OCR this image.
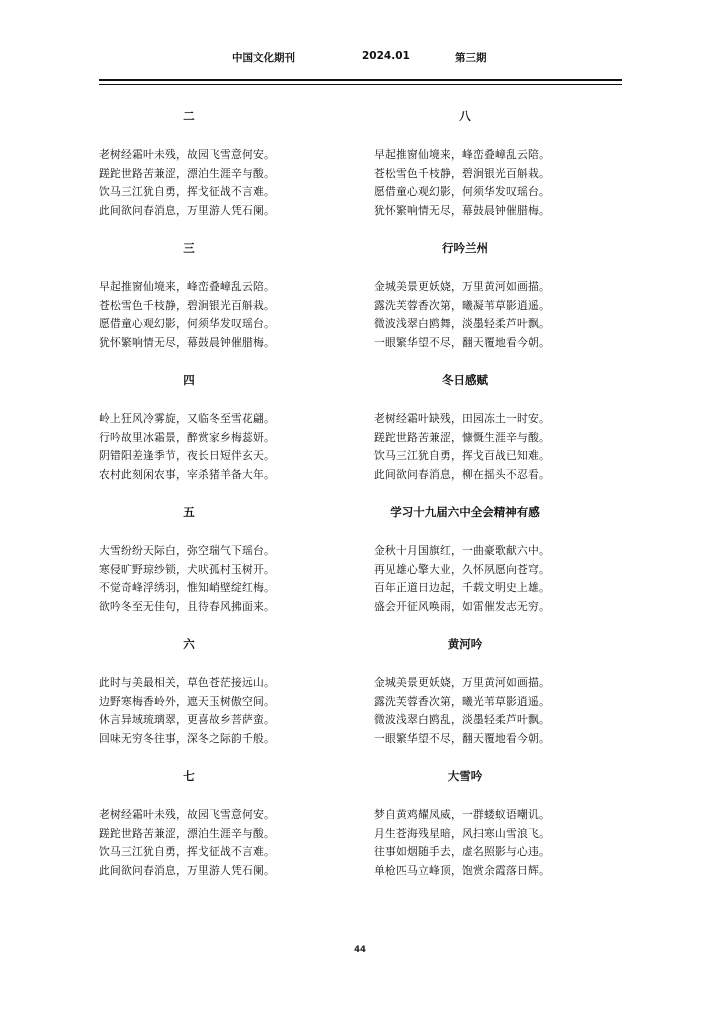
中国文化期刊	2024.01	第三期
二
老树经霜叶未残，故园飞雪意何安。
蹉跎世路苦兼涩，漂泊生涯辛与酸。
饮马三江犹自勇，挥戈征战不言难。
此间欲问春消息，万里游人凭石阑。
三
早起推窗仙境来，峰峦叠嶂乱云陪。
苍松雪色千枝静，碧涧银光百斛栽。
愿借童心观幻影，何须华发叹瑶台。
犹怀繁响情无尽，幕鼓晨钟催腊梅。
四
岭上狂风冷雾旋，又临冬至雪花翩。
行吟故里冰霜景，醉赏家乡梅蕊妍。
阴错阳差逢季节，夜长日短伴玄天。
农村此刻闲农事，宰杀猪羊备大年。
五
大雪纷纷天际白，弥空瑞气下瑶台。
寒侵旷野琼纱锁，犬吠孤村玉树开。
不觉奇峰浮绣羽，惟知峭壁绽红梅。
欲吟冬至无佳句，且待春风拂面来。
六
此时与美最相关，草色苍茫接远山。
边野寒梅香岭外，遮天玉树傲空间。
休言异域琉璃翠，更喜故乡菩萨蛮。
回味无穷冬往事，深冬之际韵千般。
七
老树经霜叶未残，故园飞雪意何安。
蹉跎世路苦兼涩，漂泊生涯辛与酸。
饮马三江犹自勇，挥戈征战不言难。
此间欲问春消息，万里游人凭石阑。
八
早起推窗仙境来，峰峦叠嶂乱云陪。
苍松雪色千枝静，碧涧银光百斛栽。
愿借童心观幻影，何须华发叹瑶台。
犹怀繁响情无尽，幕鼓晨钟催腊梅。
行吟兰州
金城美景更妖娆，万里黄河如画描。
露洗芙蓉香次第，曦凝苇草影逍遥。
微波浅翠白鸥舞，淡墨轻柔芦叶飘。
一眼繁华望不尽，翻天覆地看今朝。
冬日感赋
老树经霜叶缺残，田园冻土一时安。
蹉跎世路苦兼涩，慷慨生涯辛与酸。
饮马三江犹自勇，挥戈百战已知难。
此间欲问春消息，柳在摇头不忍看。
学习十九届六中全会精神有感
金秋十月国旗红，一曲豪歌献六中。
再见雄心擎大业，久怀夙愿向苍穹。
百年正道日边起，千载文明史上雄。
盛会开征风唤雨，如雷催发志无穷。
黄河吟
金城美景更妖娆，万里黄河如画描。
露洗芙蓉香次第，曦光苇草影逍遥。
微波浅翠白鸥乱，淡墨轻柔芦叶飘。
一眼繁华望不尽，翻天覆地看今朝。
大雪吟
梦自黄鸡耀凤威，一群蝼蚁语嘲讥。
月生苍海残星暗，风扫寒山雪浪飞。
往事如烟随手去，虚名照影与心违。
单枪匹马立峰顶，饱赏余霞落日辉。
44
